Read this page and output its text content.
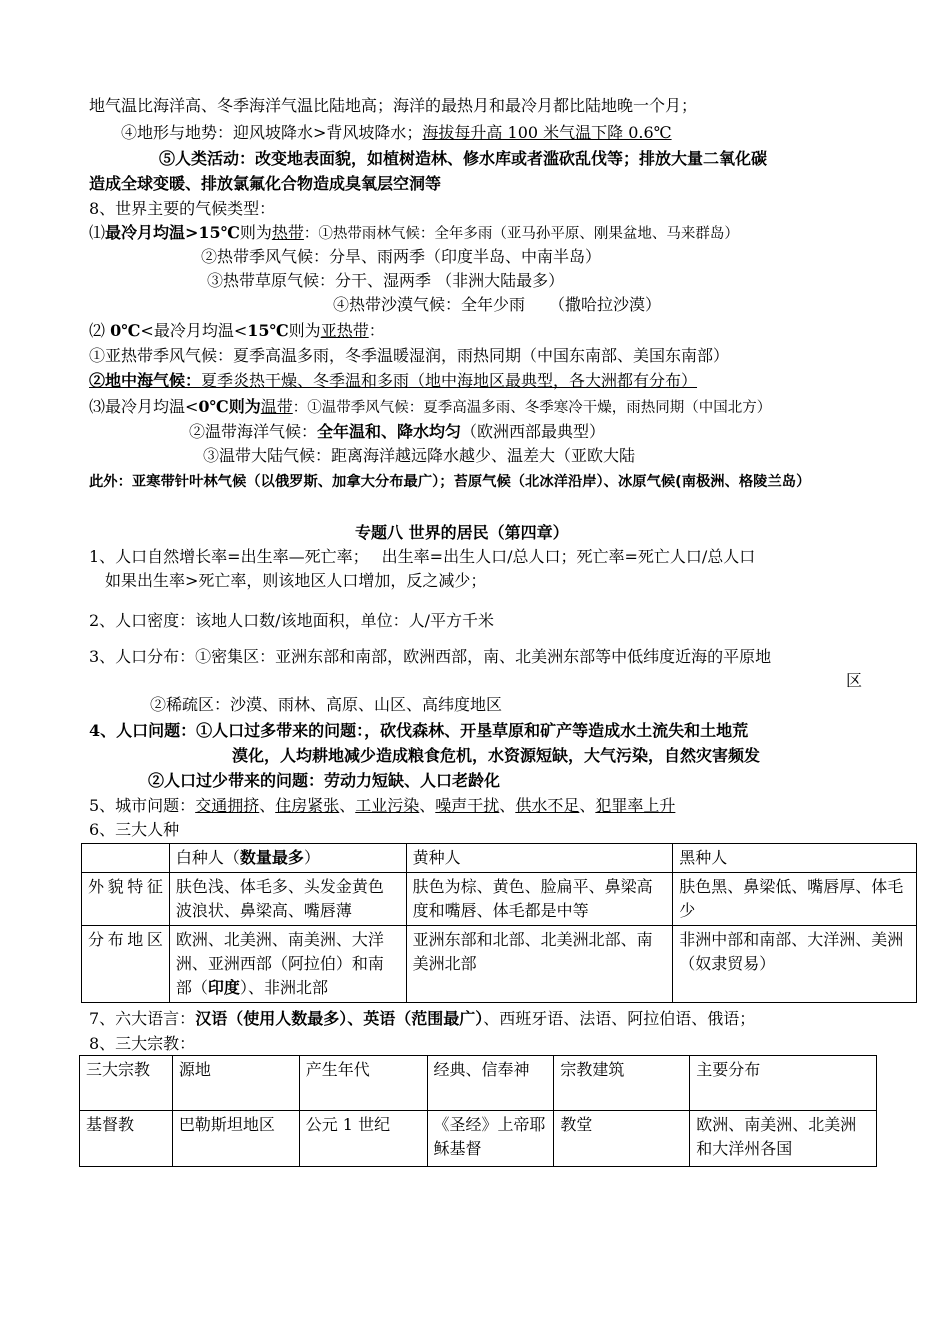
地气温比海洋高、冬季海洋气温比陆地高；海洋的最热月和最冷月都比陆地晚一个月；
④地形与地势：迎风坡降水>背风坡降水；海拔每升高 100 米气温下降 0.6℃
⑤人类活动：改变地表面貌，如植树造林、修水库或者滥砍乱伐等；排放大量二氧化碳
造成全球变暖、排放氯氟化合物造成臭氧层空洞等
8、世界主要的气候类型：
⑴最冷月均温>15℃则为热带：①热带雨林气候：全年多雨（亚马孙平原、刚果盆地、马来群岛）
②热带季风气候：分旱、雨两季（印度半岛、中南半岛）
③热带草原气候：分干、湿两季 （非洲大陆最多）
④热带沙漠气候：全年少雨　　（撒哈拉沙漠）
⑵ 0℃<最冷月均温<15℃则为亚热带：
①亚热带季风气候：夏季高温多雨，冬季温暖湿润，雨热同期（中国东南部、美国东南部）
②地中海气候：夏季炎热干燥、冬季温和多雨（地中海地区最典型，各大洲都有分布）
⑶最冷月均温<0℃则为温带：①温带季风气候：夏季高温多雨、冬季寒冷干燥，雨热同期（中国北方）
②温带海洋气候：全年温和、降水均匀（欧洲西部最典型）
③温带大陆气候：距离海洋越远降水越少、温差大（亚欧大陆
此外：亚寒带针叶林气候（以俄罗斯、加拿大分布最广）；苔原气候（北冰洋沿岸）、冰原气候(南极洲、格陵兰岛）
专题八 世界的居民（第四章）
1、人口自然增长率=出生率—死亡率；　 出生率=出生人口/总人口；死亡率=死亡人口/总人口
如果出生率>死亡率，则该地区人口增加，反之减少；
2、人口密度：该地人口数/该地面积，单位：人/平方千米
3、人口分布：①密集区：亚洲东部和南部，欧洲西部，南、北美洲东部等中低纬度近海的平原地
区
②稀疏区：沙漠、雨林、高原、山区、高纬度地区
4、人口问题：①人口过多带来的问题：，砍伐森林、开垦草原和矿产等造成水土流失和土地荒
漠化，人均耕地减少造成粮食危机，水资源短缺，大气污染，自然灾害频发
②人口过少带来的问题：劳动力短缺、人口老龄化
5、城市问题：交通拥挤、住房紧张、工业污染、噪声干扰、供水不足、犯罪率上升
6、三大人种
	白种人（数量最多）	黄种人	黑种人
外貌特征	肤色浅、体毛多、头发金黄色波浪状、鼻梁高、嘴唇薄	肤色为棕、黄色、脸扁平、鼻梁高度和嘴唇、体毛都是中等	肤色黑、鼻梁低、嘴唇厚、体毛少
分布地区	欧洲、北美洲、南美洲、大洋洲、亚洲西部（阿拉伯）和南部（印度）、非洲北部	亚洲东部和北部、北美洲北部、南美洲北部	非洲中部和南部、大洋洲、美洲（奴隶贸易）
7、六大语言：汉语（使用人数最多）、英语（范围最广）、西班牙语、法语、阿拉伯语、俄语；
8、三大宗教：
三大宗教	源地	产生年代	经典、信奉神	宗教建筑	主要分布
基督教	巴勒斯坦地区	公元 1 世纪	《圣经》上帝耶稣基督	教堂	欧洲、南美洲、北美洲和大洋州各国
